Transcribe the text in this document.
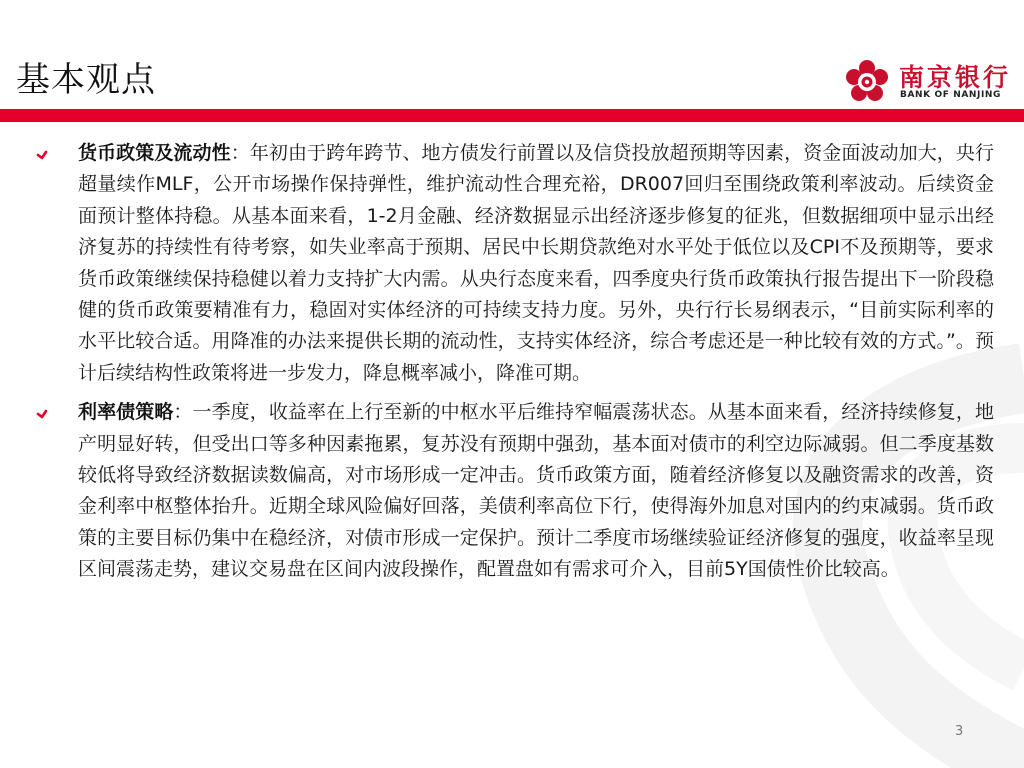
基本观点	南京银行
BANK OF NANJING

货币政策及流动性：年初由于跨年跨节、地方债发行前置以及信贷投放超预期等因素，资金面波动加大，央行超量续作MLF，公开市场操作保持弹性，维护流动性合理充裕，DR007回归至围绕政策利率波动。后续资金面预计整体持稳。从基本面来看，1-2月金融、经济数据显示出经济逐步修复的征兆，但数据细项中显示出经济复苏的持续性有待考察，如失业率高于预期、居民中长期贷款绝对水平处于低位以及CPI不及预期等，要求货币政策继续保持稳健以着力支持扩大内需。从央行态度来看，四季度央行货币政策执行报告提出下一阶段稳健的货币政策要精准有力，稳固对实体经济的可持续支持力度。另外，央行行长易纲表示，“目前实际利率的水平比较合适。用降准的办法来提供长期的流动性，支持实体经济，综合考虑还是一种比较有效的方式。”。预计后续结构性政策将进一步发力，降息概率减小，降准可期。

利率债策略：一季度，收益率在上行至新的中枢水平后维持窄幅震荡状态。从基本面来看，经济持续修复，地产明显好转，但受出口等多种因素拖累，复苏没有预期中强劲，基本面对债市的利空边际减弱。但二季度基数较低将导致经济数据读数偏高，对市场形成一定冲击。货币政策方面，随着经济修复以及融资需求的改善，资金利率中枢整体抬升。近期全球风险偏好回落，美债利率高位下行，使得海外加息对国内的约束减弱。货币政策的主要目标仍集中在稳经济，对债市形成一定保护。预计二季度市场继续验证经济修复的强度，收益率呈现区间震荡走势，建议交易盘在区间内波段操作，配置盘如有需求可介入，目前5Y国债性价比较高。

3
